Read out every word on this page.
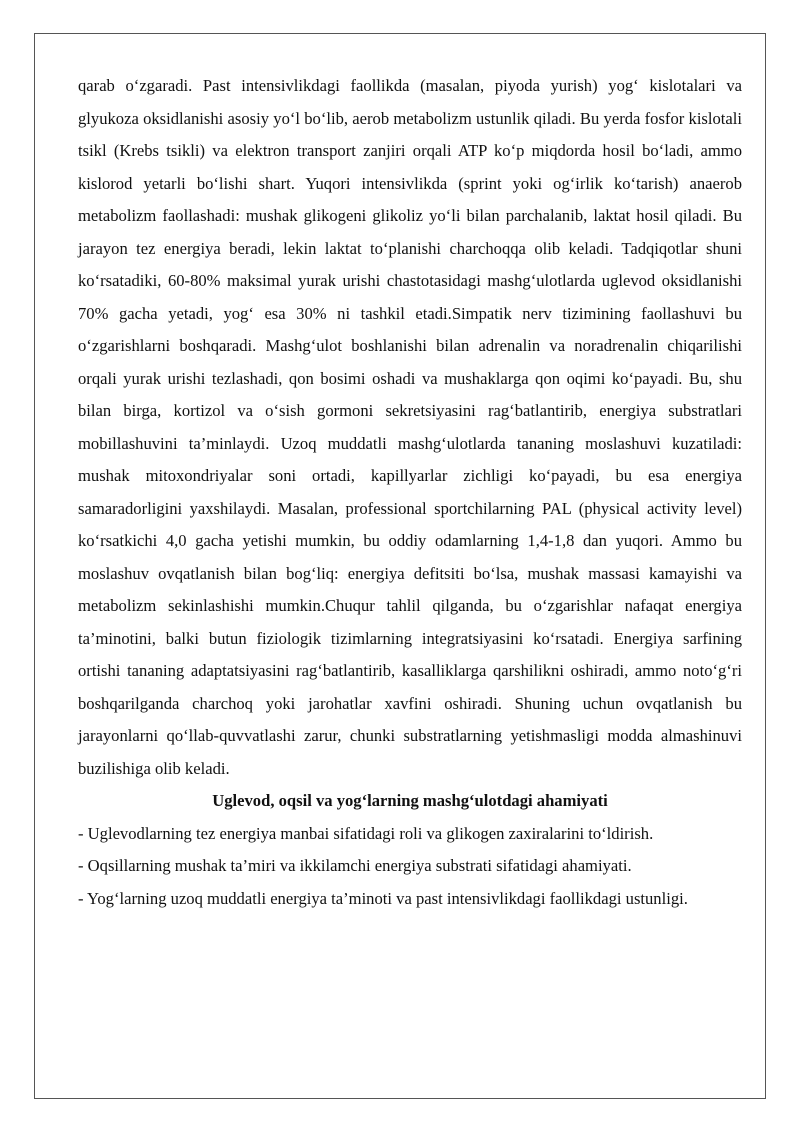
qarab o‘zgaradi. Past intensivlikdagi faollikda (masalan, piyoda yurish) yog‘ kislotalari va glyukoza oksidlanishi asosiy yo‘l bo‘lib, aerob metabolizm ustunlik qiladi. Bu yerda fosfor kislotali tsikl (Krebs tsikli) va elektron transport zanjiri orqali ATP ko‘p miqdorda hosil bo‘ladi, ammo kislorod yetarli bo‘lishi shart. Yuqori intensivlikda (sprint yoki og‘irlik ko‘tarish) anaerob metabolizm faollashadi: mushak glikogeni glikoliz yo‘li bilan parchalanib, laktat hosil qiladi. Bu jarayon tez energiya beradi, lekin laktat to‘planishi charchoqqa olib keladi. Tadqiqotlar shuni ko‘rsatadiki, 60-80% maksimal yurak urishi chastotasidagi mashg‘ulotlarda uglevod oksidlanishi 70% gacha yetadi, yog‘ esa 30% ni tashkil etadi.Simpatik nerv tizimining faollashuvi bu o‘zgarishlarni boshqaradi. Mashg‘ulot boshlanishi bilan adrenalin va noradrenalin chiqarilishi orqali yurak urishi tezlashadi, qon bosimi oshadi va mushaklarga qon oqimi ko‘payadi. Bu, shu bilan birga, kortizol va o‘sish gormoni sekretsiyasini rag‘batlantirib, energiya substratlari mobillashuvini ta’minlaydi. Uzoq muddatli mashg‘ulotlarda tananing moslashuvi kuzatiladi: mushak mitoxondriyalar soni ortadi, kapillyarlar zichligi ko‘payadi, bu esa energiya samaradorligini yaxshilaydi. Masalan, professional sportchilarning PAL (physical activity level) ko‘rsatkichi 4,0 gacha yetishi mumkin, bu oddiy odamlarning 1,4-1,8 dan yuqori. Ammo bu moslashuv ovqatlanish bilan bog‘liq: energiya defitsiti bo‘lsa, mushak massasi kamayishi va metabolizm sekinlashishi mumkin.Chuqur tahlil qilganda, bu o‘zgarishlar nafaqat energiya ta’minotini, balki butun fiziologik tizimlarning integratsiyasini ko‘rsatadi. Energiya sarfining ortishi tananing adaptatsiyasini rag‘batlantirib, kasalliklarga qarshilikni oshiradi, ammo noto‘g‘ri boshqarilganda charchoq yoki jarohatlar xavfini oshiradi. Shuning uchun ovqatlanish bu jarayonlarni qo‘llab-quvvatlashi zarur, chunki substratlarning yetishmasligi modda almashinuvi buzilishiga olib keladi.

Uglevod, oqsil va yog‘larning mashg‘ulotdagi ahamiyati

- Uglevodlarning tez energiya manbai sifatidagi roli va glikogen zaxiralarini to‘ldirish.

- Oqsillarning mushak ta’miri va ikkilamchi energiya substrati sifatidagi ahamiyati.

- Yog‘larning uzoq muddatli energiya ta’minoti va past intensivlikdagi faollikdagi ustunligi.
